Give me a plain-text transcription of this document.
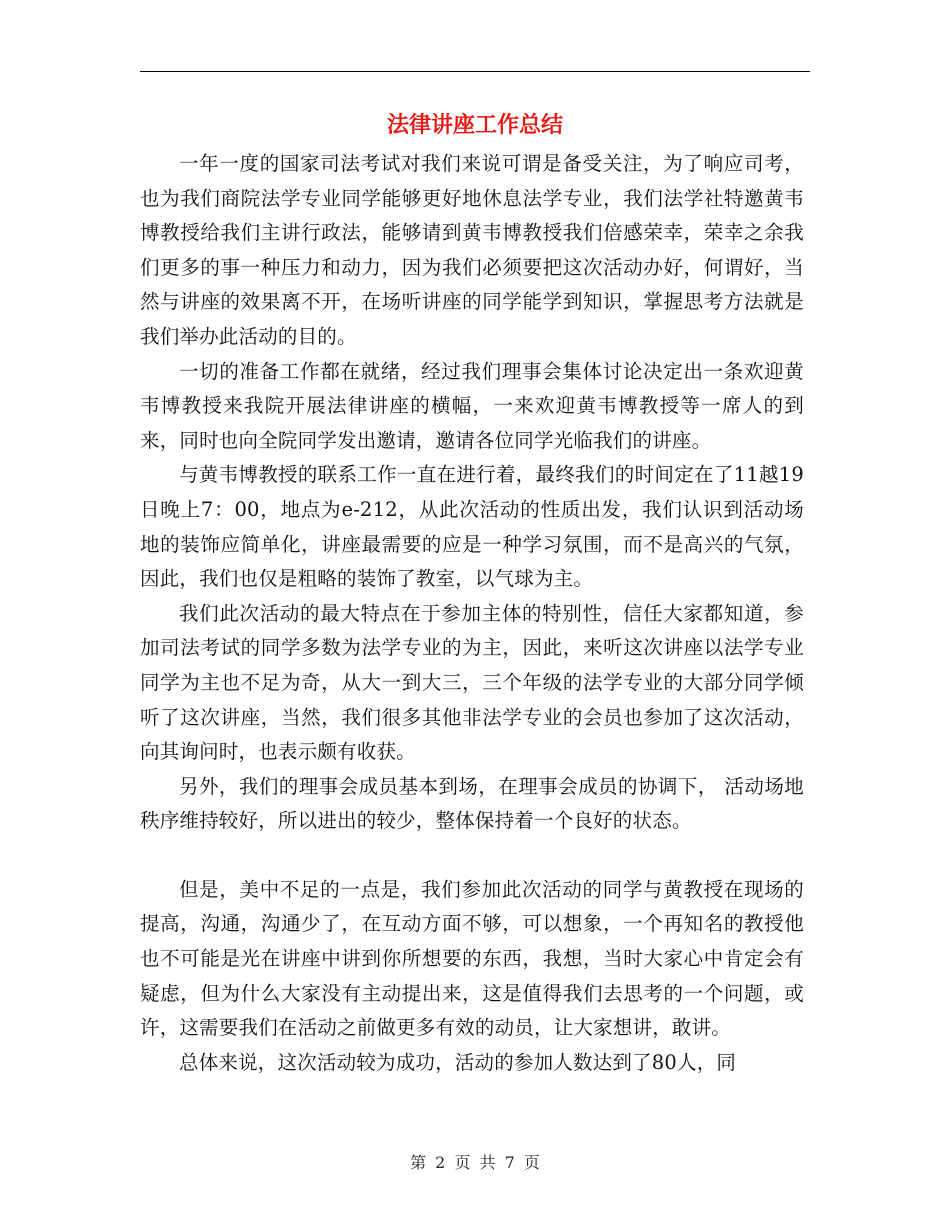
法律讲座工作总结

一年一度的国家司法考试对我们来说可谓是备受关注，为了响应司考，也为我们商院法学专业同学能够更好地休息法学专业，我们法学社特邀黄韦博教授给我们主讲行政法，能够请到黄韦博教授我们倍感荣幸，荣幸之余我们更多的事一种压力和动力，因为我们必须要把这次活动办好，何谓好，当然与讲座的效果离不开，在场听讲座的同学能学到知识，掌握思考方法就是我们举办此活动的目的。

一切的准备工作都在就绪，经过我们理事会集体讨论决定出一条欢迎黄韦博教授来我院开展法律讲座的横幅，一来欢迎黄韦博教授等一席人的到来，同时也向全院同学发出邀请，邀请各位同学光临我们的讲座。

与黄韦博教授的联系工作一直在进行着，最终我们的时间定在了11越19日晚上7：00，地点为e-212，从此次活动的性质出发，我们认识到活动场地的装饰应简单化，讲座最需要的应是一种学习氛围，而不是高兴的气氛，因此，我们也仅是粗略的装饰了教室，以气球为主。

我们此次活动的最大特点在于参加主体的特别性，信任大家都知道，参加司法考试的同学多数为法学专业的为主，因此，来听这次讲座以法学专业同学为主也不足为奇，从大一到大三，三个年级的法学专业的大部分同学倾听了这次讲座，当然，我们很多其他非法学专业的会员也参加了这次活动，向其询问时，也表示颇有收获。

另外，我们的理事会成员基本到场，在理事会成员的协调下， 活动场地秩序维持较好，所以进出的较少，整体保持着一个良好的状态。

但是，美中不足的一点是，我们参加此次活动的同学与黄教授在现场的提高，沟通，沟通少了，在互动方面不够，可以想象，一个再知名的教授他也不可能是光在讲座中讲到你所想要的东西，我想，当时大家心中肯定会有疑虑，但为什么大家没有主动提出来，这是值得我们去思考的一个问题，或许，这需要我们在活动之前做更多有效的动员，让大家想讲，敢讲。

总体来说，这次活动较为成功，活动的参加人数达到了80人，同

第 2 页 共 7 页
